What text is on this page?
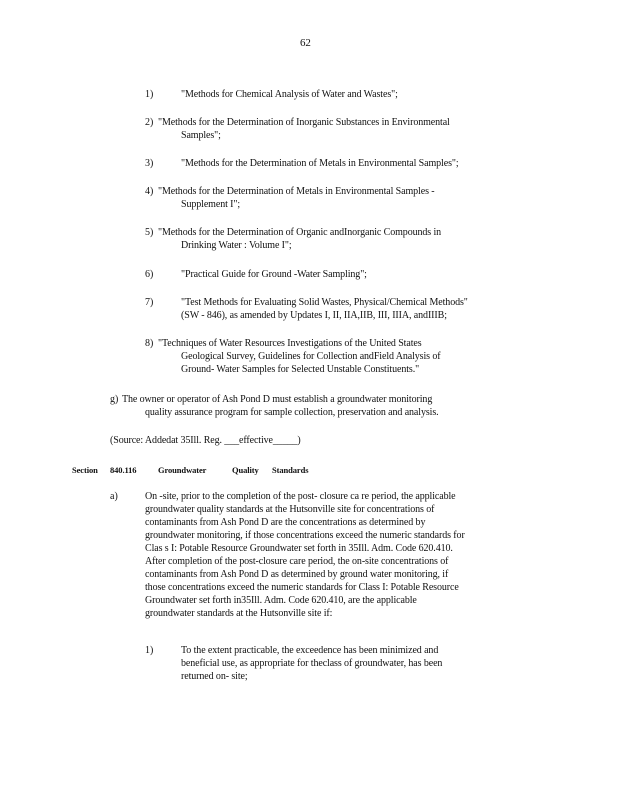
62
1)	"Methods for Chemical Analysis of Water and Wastes";
2) "Methods for the Determination of Inorganic Substances in Environmental
Samples";
3)	"Methods for the Determination of Metals in Environmental Samples";
4) "Methods for the Determination of Metals in Environmental Samples -
Supplement I";
5) "Methods for the Determination of Organic andInorganic Compounds in
Drinking Water : Volume I";
6)	"Practical Guide for Ground -Water Sampling";
7)	"Test Methods for Evaluating Solid Wastes, Physical/Chemical Methods"
(SW - 846), as amended by Updates I, II, IIA,IIB, III, IIIA, andIIIB;
8) "Techniques of Water Resources Investigations of the United States
Geological Survey, Guidelines for Collection andField Analysis of
Ground- Water Samples for Selected Unstable Constituents."
g) The owner or operator of Ash Pond D must establish a groundwater monitoring
quality assurance program for sample collection, preservation and analysis.
(Source: Addedat 35Ill. Reg. ___effective_____)
Section 840.116	Groundwater	Quality Standards
a)	On -site, prior to the completion of the post- closure ca re period, the applicable
groundwater quality standards at the Hutsonville site for concentrations of
contaminants from Ash Pond D are the concentrations as determined by
groundwater monitoring, if those concentrations exceed the numeric standards for
Clas s I: Potable Resource Groundwater set forth in 35Ill. Adm. Code 620.410.
After completion of the post-closure care period, the on-site concentrations of
contaminants from Ash Pond D as determined by ground water monitoring, if
those concentrations exceed the numeric standards for Class I: Potable Resource
Groundwater set forth in35Ill. Adm. Code 620.410, are the applicable
groundwater standards at the Hutsonville site if:
1)	To the extent practicable, the exceedence has been minimized and
beneficial use, as appropriate for theclass of groundwater, has been
returned on- site;
